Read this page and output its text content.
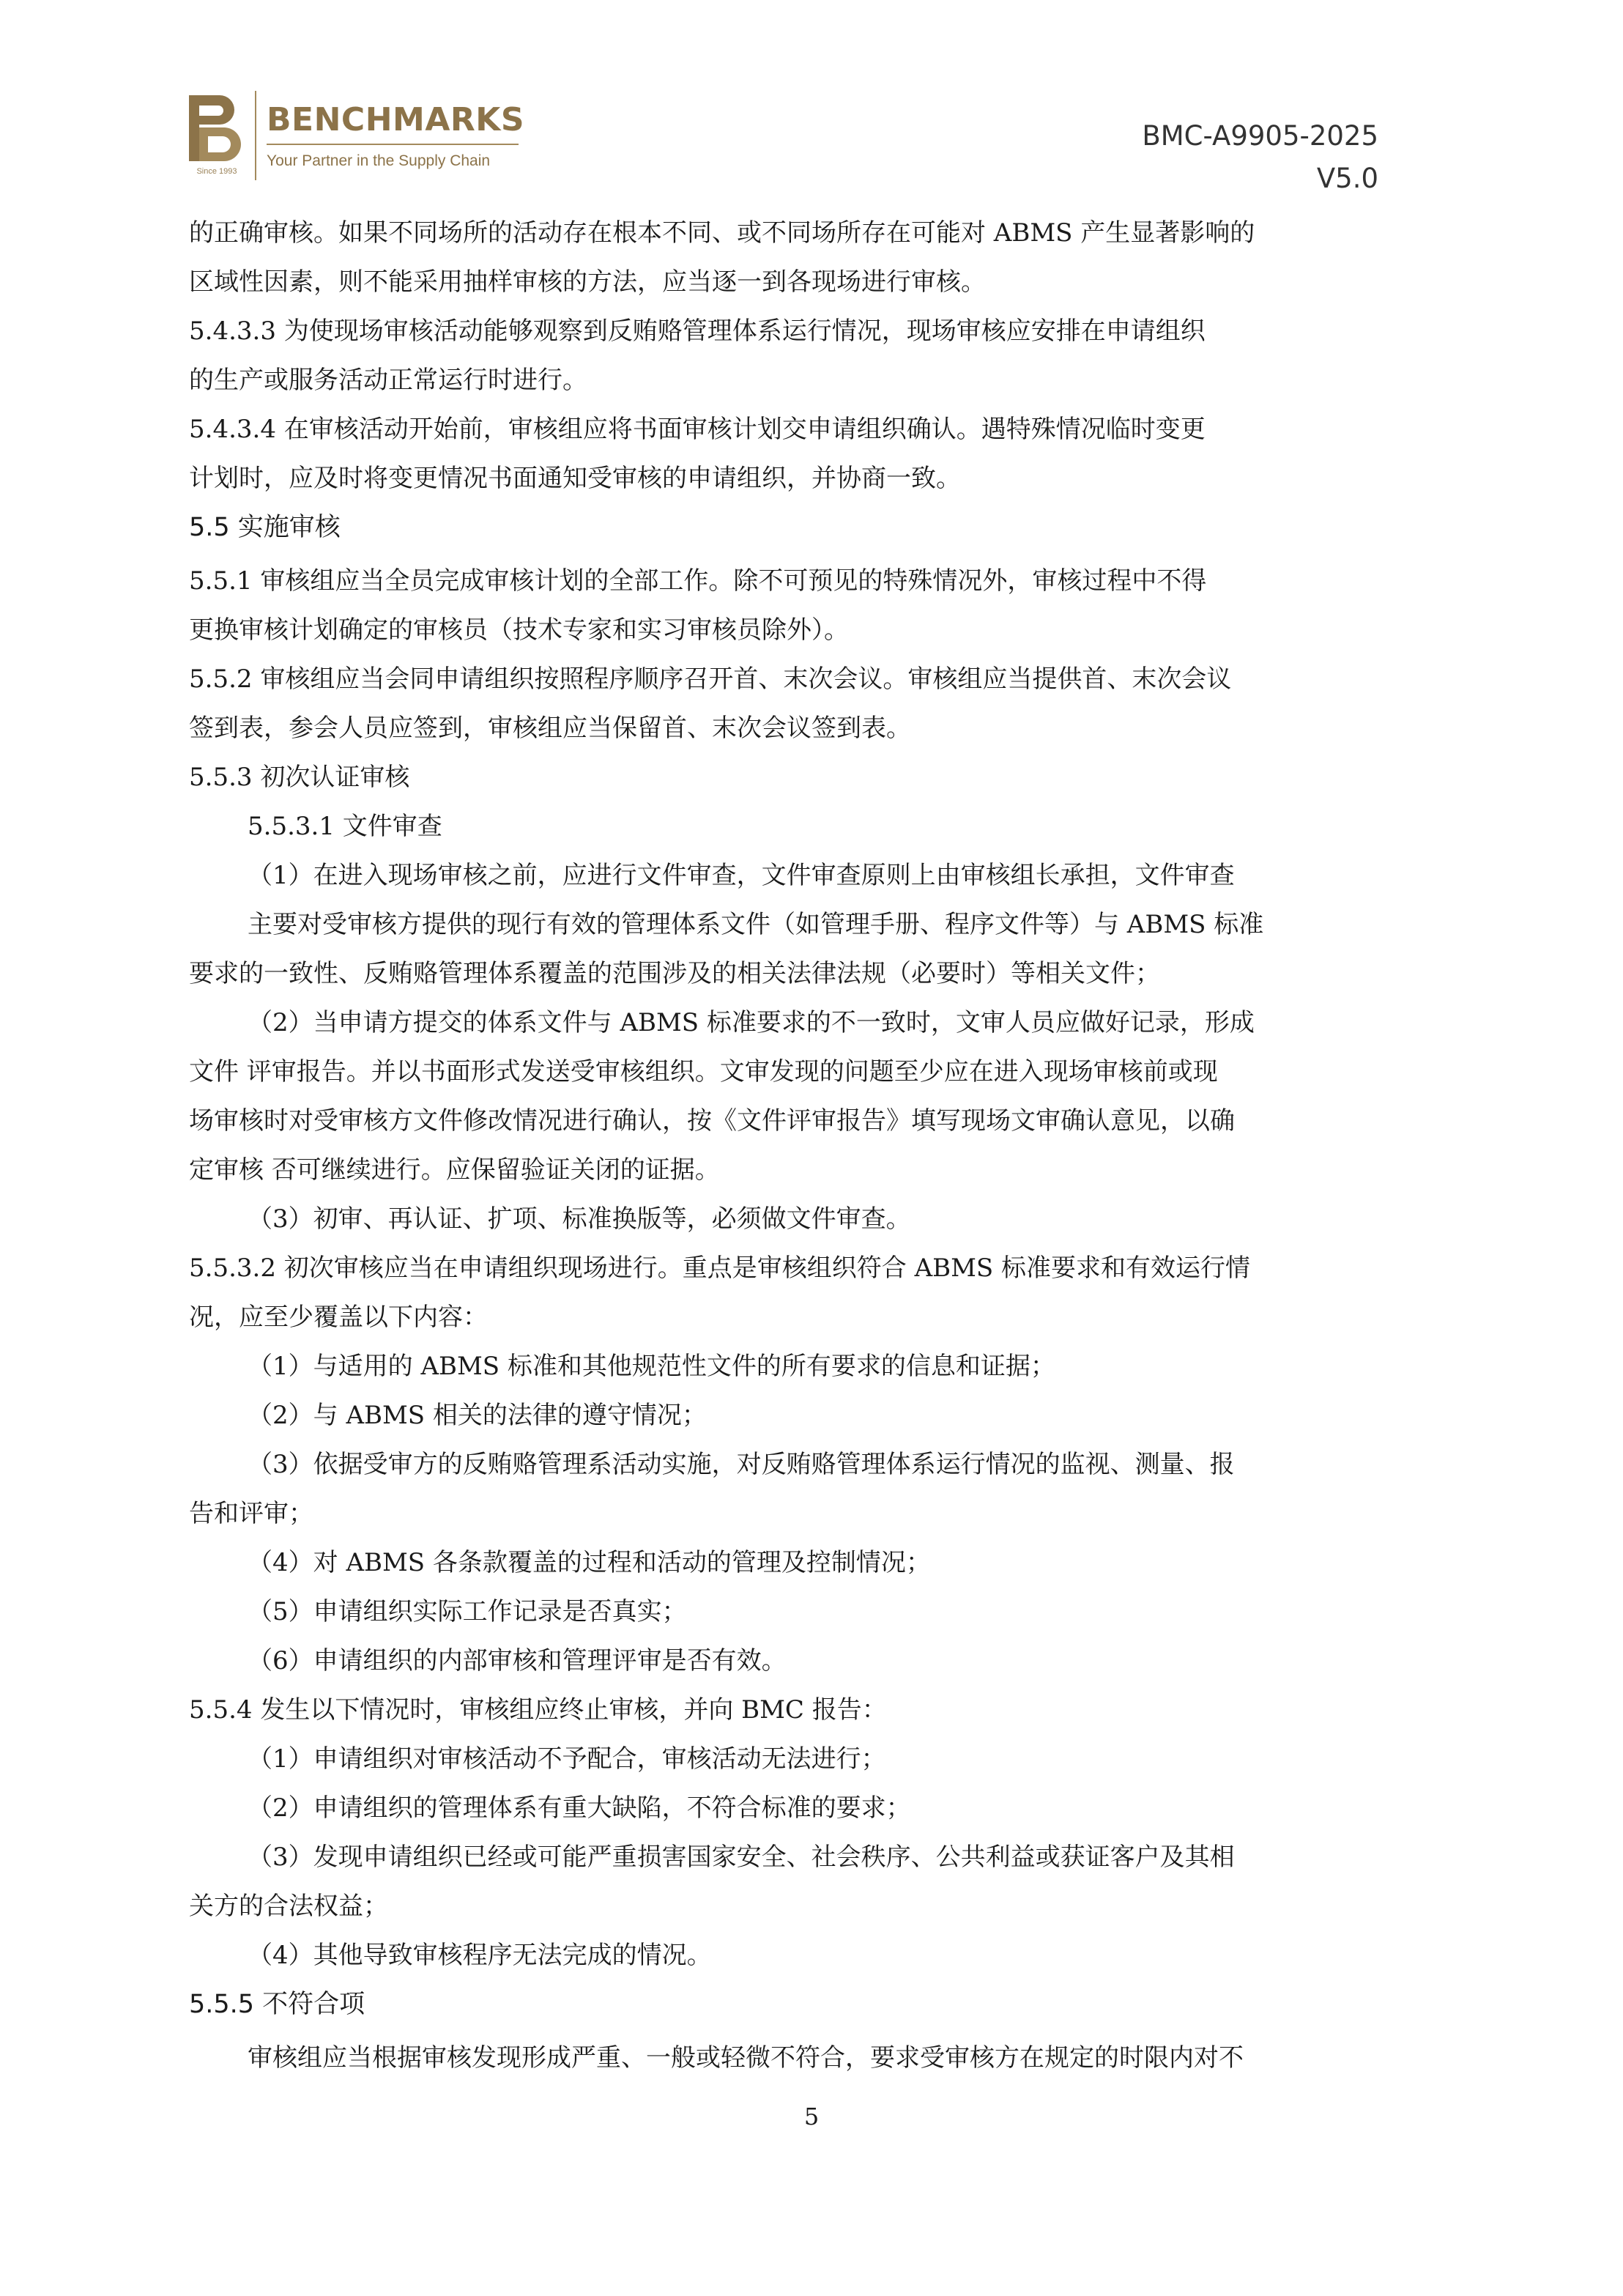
Since 1993
BENCHMARKS
Your Partner in the Supply Chain
BMC-A9905-2025
V5.0
的正确审核。如果不同场所的活动存在根本不同、或不同场所存在可能对 ABMS 产生显著影响的
区域性因素，则不能采用抽样审核的方法，应当逐一到各现场进行审核。
5.4.3.3 为使现场审核活动能够观察到反贿赂管理体系运行情况，现场审核应安排在申请组织
的生产或服务活动正常运行时进行。
5.4.3.4 在审核活动开始前，审核组应将书面审核计划交申请组织确认。遇特殊情况临时变更
计划时，应及时将变更情况书面通知受审核的申请组织，并协商一致。
5.5 实施审核
5.5.1 审核组应当全员完成审核计划的全部工作。除不可预见的特殊情况外，审核过程中不得
更换审核计划确定的审核员（技术专家和实习审核员除外）。
5.5.2 审核组应当会同申请组织按照程序顺序召开首、末次会议。审核组应当提供首、末次会议
签到表，参会人员应签到，审核组应当保留首、末次会议签到表。
5.5.3 初次认证审核
5.5.3.1 文件审查
（1）在进入现场审核之前，应进行文件审查，文件审查原则上由审核组长承担，文件审查
主要对受审核方提供的现行有效的管理体系文件（如管理手册、程序文件等）与 ABMS 标准
要求的一致性、反贿赂管理体系覆盖的范围涉及的相关法律法规（必要时）等相关文件；
（2）当申请方提交的体系文件与 ABMS 标准要求的不一致时，文审人员应做好记录，形成
文件 评审报告。并以书面形式发送受审核组织。文审发现的问题至少应在进入现场审核前或现
场审核时对受审核方文件修改情况进行确认，按《文件评审报告》填写现场文审确认意见，以确
定审核 否可继续进行。应保留验证关闭的证据。
（3）初审、再认证、扩项、标准换版等，必须做文件审查。
5.5.3.2 初次审核应当在申请组织现场进行。重点是审核组织符合 ABMS 标准要求和有效运行情
况，应至少覆盖以下内容：
（1）与适用的 ABMS 标准和其他规范性文件的所有要求的信息和证据；
（2）与 ABMS 相关的法律的遵守情况；
（3）依据受审方的反贿赂管理系活动实施，对反贿赂管理体系运行情况的监视、测量、报
告和评审；
（4）对 ABMS 各条款覆盖的过程和活动的管理及控制情况；
（5）申请组织实际工作记录是否真实；
（6）申请组织的内部审核和管理评审是否有效。
5.5.4 发生以下情况时，审核组应终止审核，并向 BMC 报告：
（1）申请组织对审核活动不予配合，审核活动无法进行；
（2）申请组织的管理体系有重大缺陷，不符合标准的要求；
（3）发现申请组织已经或可能严重损害国家安全、社会秩序、公共利益或获证客户及其相
关方的合法权益；
（4）其他导致审核程序无法完成的情况。
5.5.5 不符合项
审核组应当根据审核发现形成严重、一般或轻微不符合，要求受审核方在规定的时限内对不
5
